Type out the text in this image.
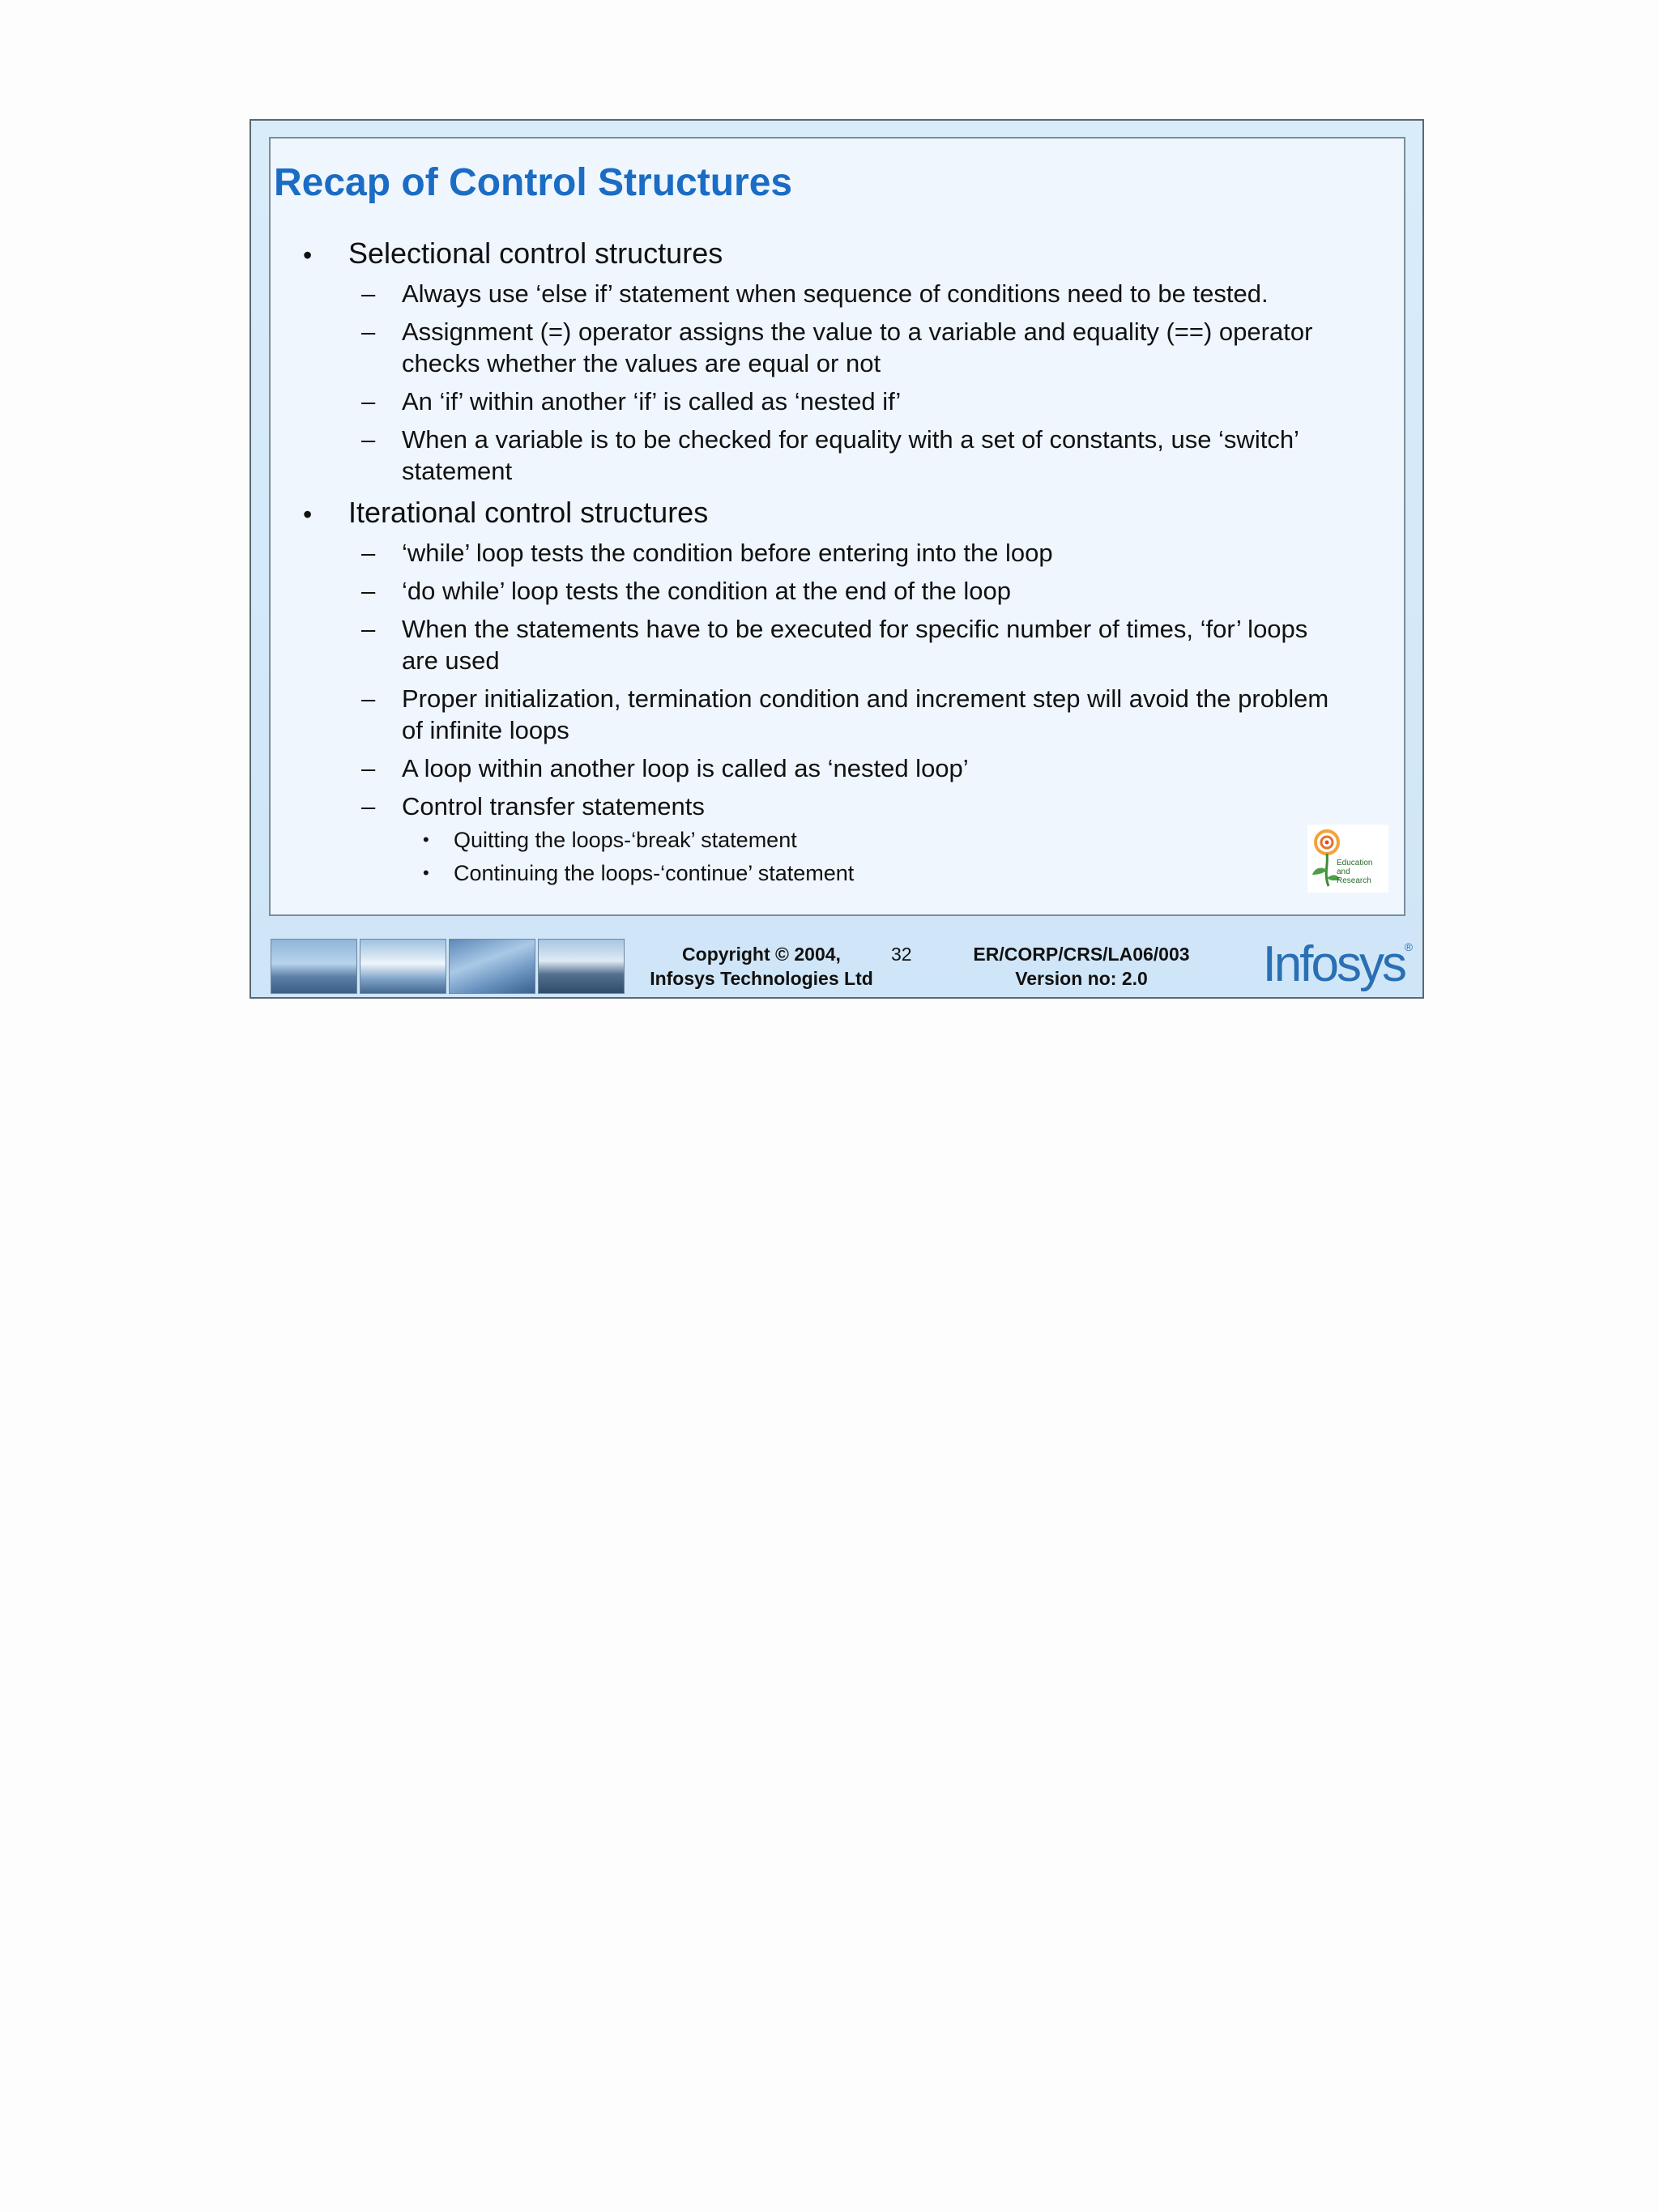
Copyright © 2004,
Infosys Technologies Ltd
32	ER/CORP/CRS/LA06/003
Version no: 2.0	Infosys ®
Recap of Control Structures
• Selectional control structures
– Always use ‘else if’ statement when sequence of conditions need to be tested.
– Assignment (=) operator assigns the value to a variable and equality (==) operator
checks whether the values are equal or not
– An ‘if’ within another ‘if’ is called as ‘nested if’
– When a variable is to be checked for equality with a set of constants, use ‘switch’
statement
• Iterational control structures
– ‘while’ loop tests the condition before entering into the loop
– ‘do while’ loop tests the condition at the end of the loop
– When the statements have to be executed for specific number of times, ‘for’ loops
are used
– Proper initialization, termination condition and increment step will avoid the problem
of infinite loops
– A loop within another loop is called as ‘nested loop’
– Control transfer statements
• Quitting the loops-‘break’ statement
• Continuing the loops-‘continue’ statement	Education
and
Research
